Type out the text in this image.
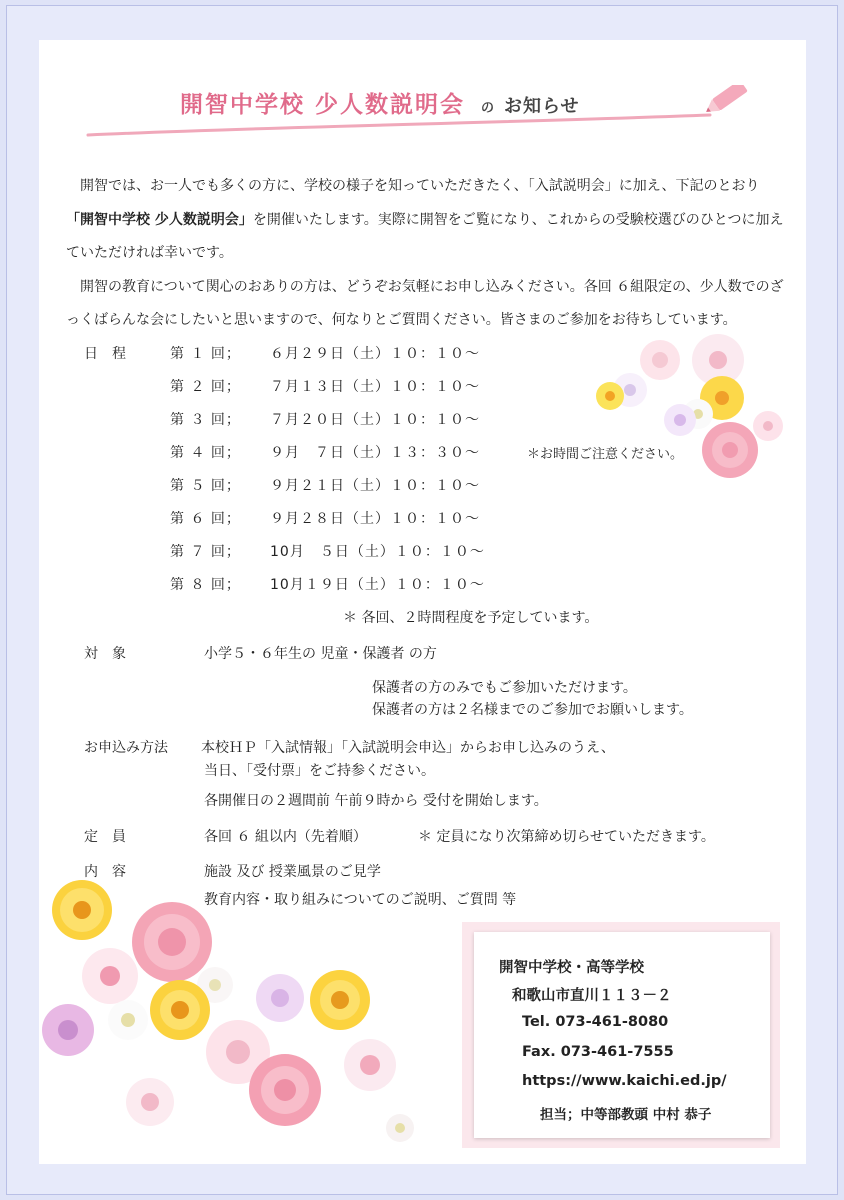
開智中学校 少人数説明会 の お知らせ

　開智では、お一人でも多くの方に、学校の様子を知っていただきたく、「入試説明会」に加え、下記のとおり「開智中学校 少人数説明会」を開催いたします。実際に開智をご覧になり、これからの受験校選びのひとつに加えていただければ幸いです。

　開智の教育について関心のおありの方は、どうぞお気軽にお申し込みください。各回 ６組限定の、少人数でのざっくばらんな会にしたいと思いますので、何なりとご質問ください。皆さまのご参加をお待ちしています。

日　程	第 １ 回； ６月２９日（土）１０：１０～
第 ２ 回； ７月１３日（土）１０：１０～
第 ３ 回； ７月２０日（土）１０：１０～
第 ４ 回； ９月　７日（土）１３：３０～	＊お時間ご注意ください。
第 ５ 回； ９月２１日（土）１０：１０～
第 ６ 回； ９月２８日（土）１０：１０～
第 ７ 回； 10月　５日（土）１０：１０～
第 ８ 回； 10月１９日（土）１０：１０～
＊ 各回、２時間程度を予定しています。
対　象	小学５・６年生の 児童・保護者 の方
保護者の方のみでもご参加いただけます。
保護者の方は２名様までのご参加でお願いします。
お申込み方法 本校ＨＰ「入試情報」「入試説明会申込」からお申し込みのうえ、
当日、「受付票」をご持参ください。
各開催日の２週間前 午前９時から 受付を開始します。
定　員	各回 ６ 組以内（先着順）	＊ 定員になり次第締め切らせていただきます。
内　容	施設 及び 授業風景のご見学
教育内容・取り組みについてのご説明、ご質問 等
開智中学校・高等学校
和歌山市直川１１３－２
Tel. 073-461-8080
Fax. 073-461-7555
https://www.kaichi.ed.jp/
担当；中等部教頭 中村 恭子
